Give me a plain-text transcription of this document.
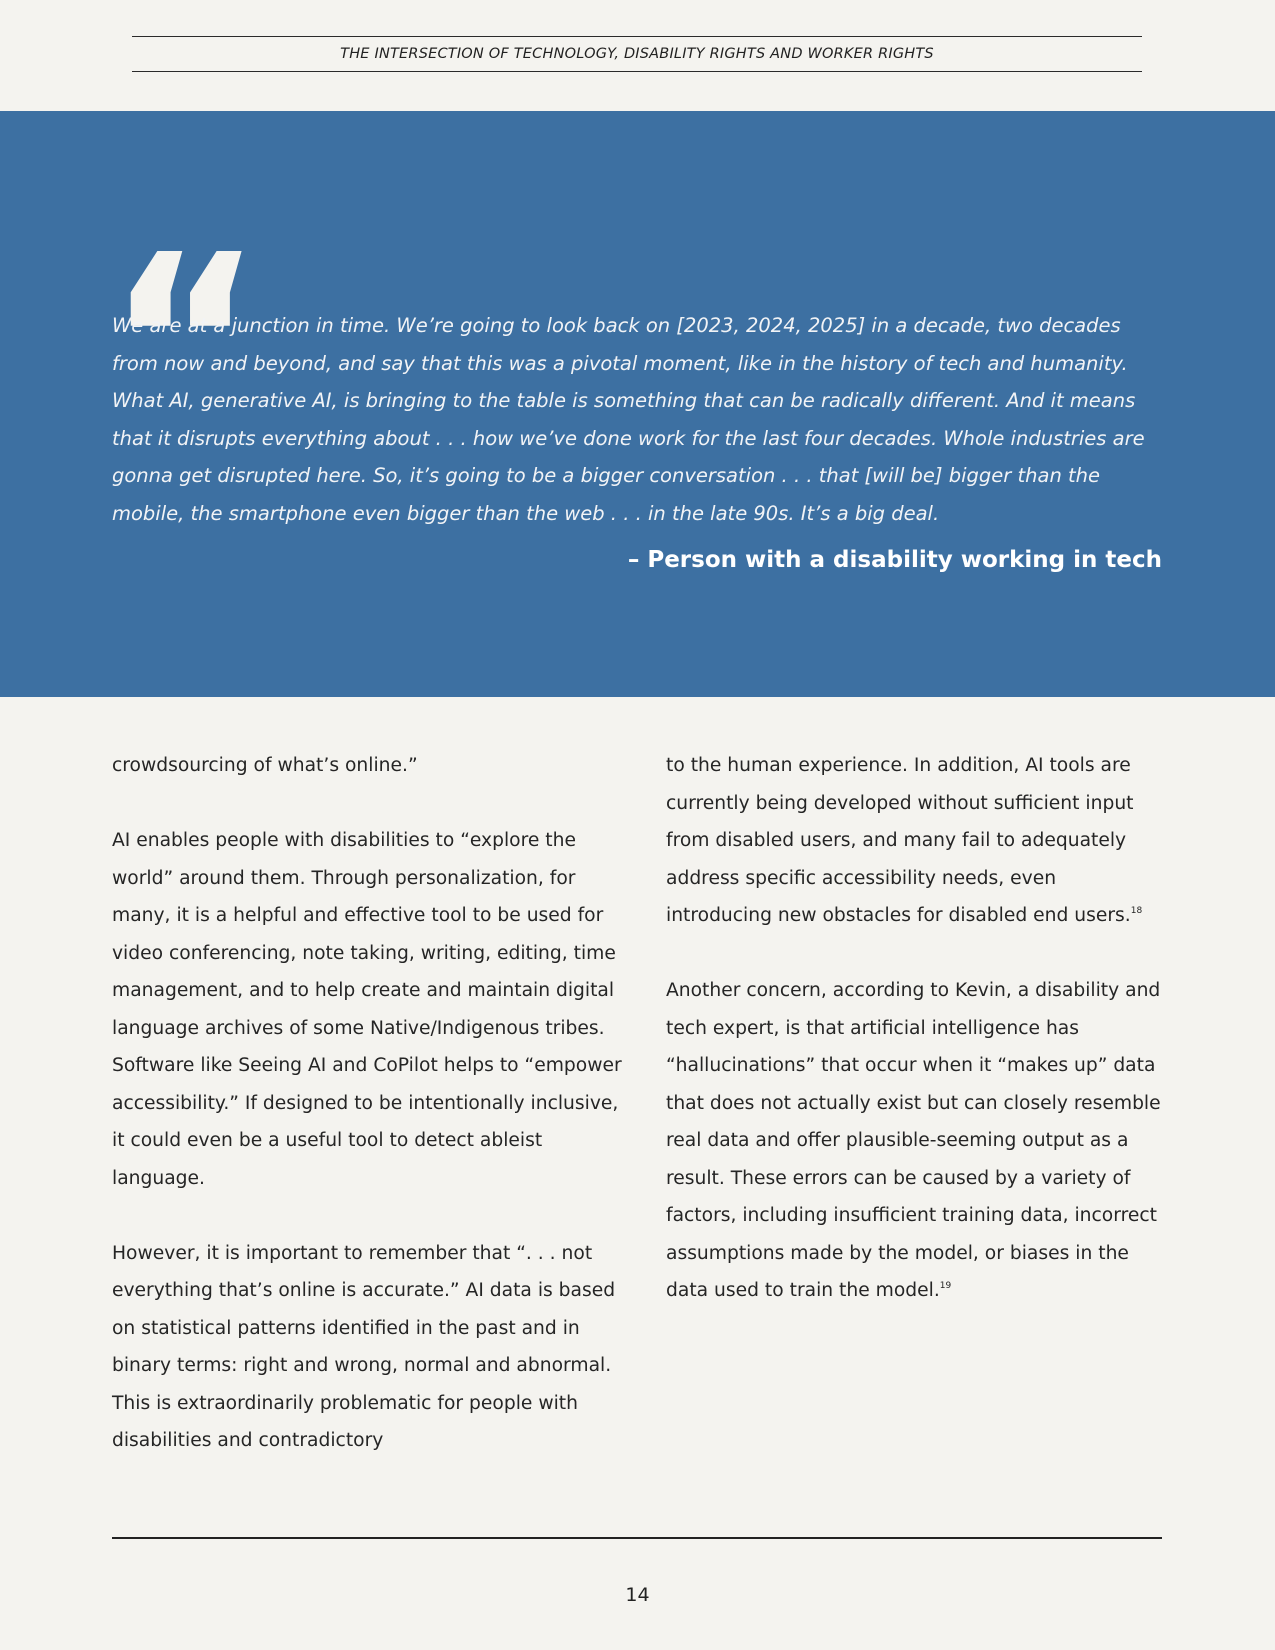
THE INTERSECTION OF TECHNOLOGY, DISABILITY RIGHTS AND WORKER RIGHTS
“

We are at a junction in time. We’re going to look back on [2023, 2024, 2025] in a decade, two decades from now and beyond, and say that this was a pivotal moment, like in the history of tech and humanity. What AI, generative AI, is bringing to the table is something that can be radically different. And it means that it disrupts everything about . . . how we’ve done work for the last four decades. Whole industries are gonna get disrupted here. So, it’s going to be a bigger conversation . . . that [will be] bigger than the mobile, the smartphone even bigger than the web . . . in the late 90s. It’s a big deal.

– Person with a disability working in tech

crowdsourcing of what’s online.”

AI enables people with disabilities to “explore the world” around them. Through personalization, for many, it is a helpful and effective tool to be used for video conferencing, note taking, writing, editing, time management, and to help create and maintain digital language archives of some Native/Indigenous tribes. Software like Seeing AI and CoPilot helps to “empower accessibility.” If designed to be intentionally inclusive, it could even be a useful tool to detect ableist language.

However, it is important to remember that “. . . not everything that’s online is accurate.” AI data is based on statistical patterns identified in the past and in binary terms: right and wrong, normal and abnormal. This is extraordinarily problematic for people with disabilities and contradictory

to the human experience. In addition, AI tools are currently being developed without sufficient input from disabled users, and many fail to adequately address specific accessibility needs, even introducing new obstacles for disabled end users.$^{18}$

Another concern, according to Kevin, a disability and tech expert, is that artificial intelligence has “hallucinations” that occur when it “makes up” data that does not actually exist but can closely resemble real data and offer plausible-seeming output as a result. These errors can be caused by a variety of factors, including insufficient training data, incorrect assumptions made by the model, or biases in the data used to train the model.$^{19}$

14
